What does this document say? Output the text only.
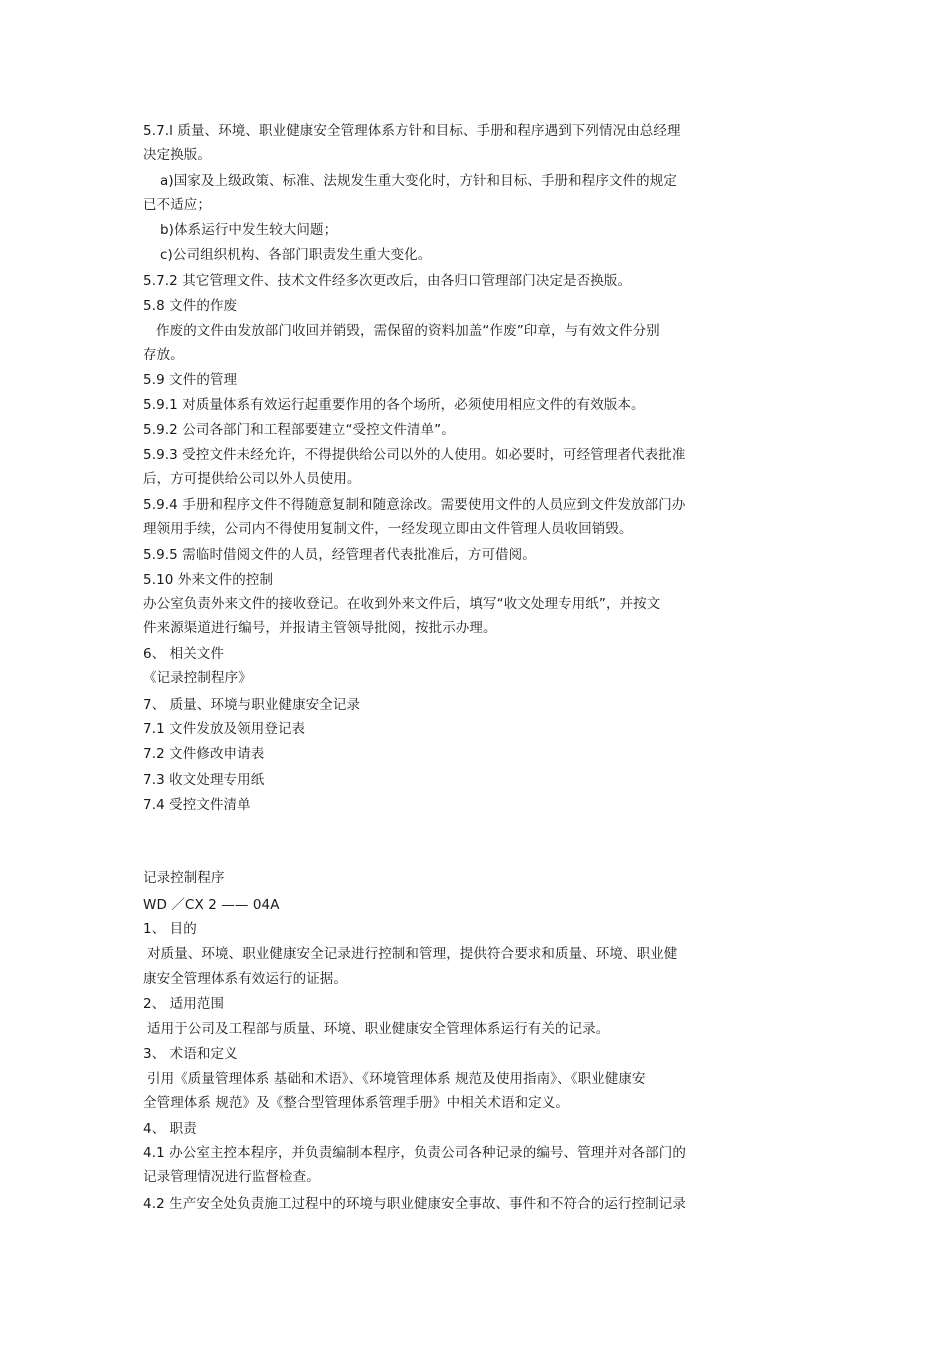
5.7.l 质量、环境、职业健康安全管理体系方针和目标、手册和程序遇到下列情况由总经理
决定换版。
a)国家及上级政策、标准、法规发生重大变化时，方针和目标、手册和程序文件的规定
已不适应；
b)体系运行中发生较大问题；
c)公司组织机构、各部门职责发生重大变化。
5.7.2 其它管理文件、技术文件经多次更改后，由各归口管理部门决定是否换版。
5.8 文件的作废
作废的文件由发放部门收回并销毁，需保留的资料加盖“作废”印章，与有效文件分别
存放。
5.9 文件的管理
5.9.1 对质量体系有效运行起重要作用的各个场所，必须使用相应文件的有效版本。
5.9.2 公司各部门和工程部要建立“受控文件清单”。
5.9.3 受控文件未经允许，不得提供给公司以外的人使用。如必要时，可经管理者代表批准
后，方可提供给公司以外人员使用。
5.9.4 手册和程序文件不得随意复制和随意涂改。需要使用文件的人员应到文件发放部门办
理领用手续，公司内不得使用复制文件，一经发现立即由文件管理人员收回销毁。
5.9.5 需临时借阅文件的人员，经管理者代表批准后，方可借阅。
5.10 外来文件的控制
办公室负责外来文件的接收登记。在收到外来文件后，填写“收文处理专用纸”，并按文
件来源渠道进行编号，并报请主管领导批阅，按批示办理。
6、 相关文件
《记录控制程序》
7、 质量、环境与职业健康安全记录
7.1 文件发放及领用登记表
7.2 文件修改申请表
7.3 收文处理专用纸
7.4 受控文件清单
记录控制程序
WD ／CX 2 —— 04A
1、 目的
对质量、环境、职业健康安全记录进行控制和管理，提供符合要求和质量、环境、职业健
康安全管理体系有效运行的证据。
2、 适用范围
适用于公司及工程部与质量、环境、职业健康安全管理体系运行有关的记录。
3、 术语和定义
引用《质量管理体系 基础和术语》、《环境管理体系 规范及使用指南》、《职业健康安
全管理体系 规范》及《整合型管理体系管理手册》中相关术语和定义。
4、 职责
4.1 办公室主控本程序，并负责编制本程序，负责公司各种记录的编号、管理并对各部门的
记录管理情况进行监督检查。
4.2 生产安全处负责施工过程中的环境与职业健康安全事故、事件和不符合的运行控制记录
